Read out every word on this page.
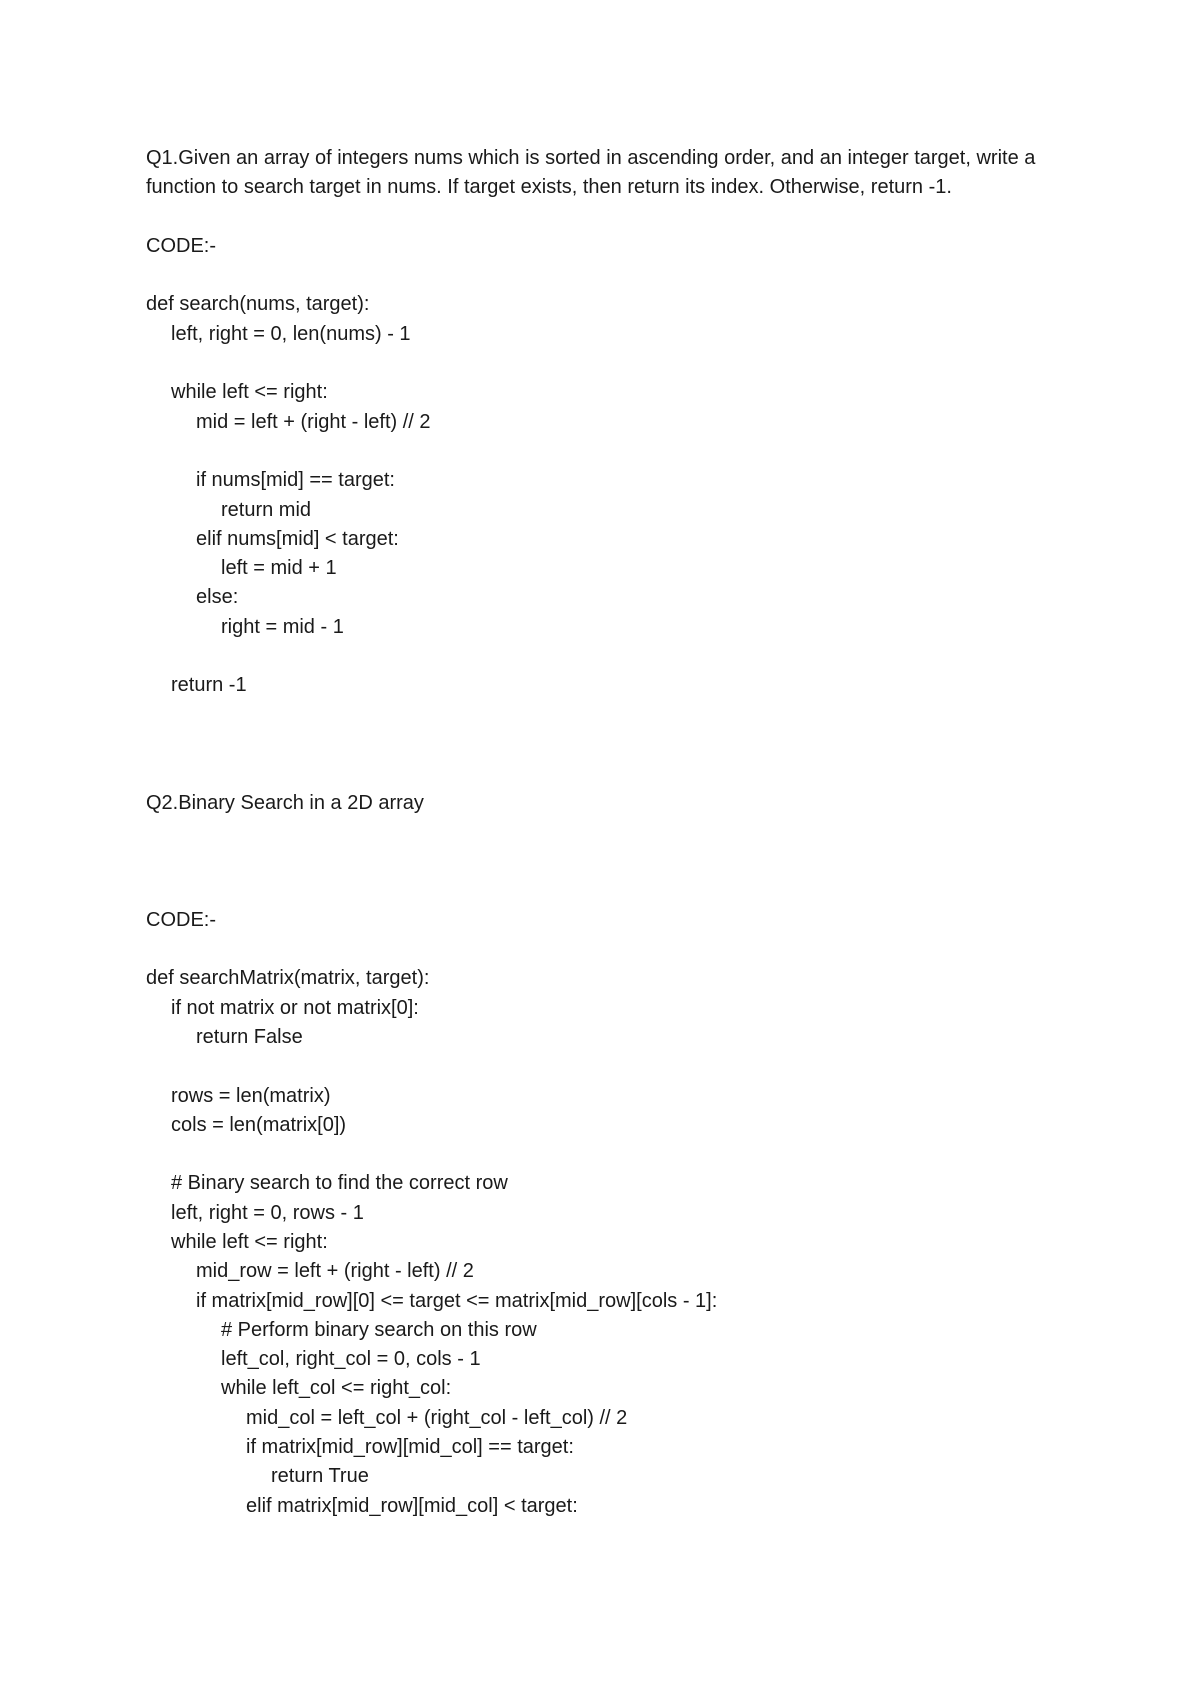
Q1.Given an array of integers nums which is sorted in ascending order, and an integer target, write a function to search target in nums. If target exists, then return its index. Otherwise, return -1.

CODE:-
def search(nums, target):
left, right = 0, len(nums) - 1
while left <= right:
mid = left + (right - left) // 2
if nums[mid] == target:
return mid
elif nums[mid] < target:
left = mid + 1
else:
right = mid - 1
return -1
Q2.Binary Search in a 2D array
CODE:-
def searchMatrix(matrix, target):
if not matrix or not matrix[0]:
return False
rows = len(matrix)
cols = len(matrix[0])
# Binary search to find the correct row
left, right = 0, rows - 1
while left <= right:
mid_row = left + (right - left) // 2
if matrix[mid_row][0] <= target <= matrix[mid_row][cols - 1]:
# Perform binary search on this row
left_col, right_col = 0, cols - 1
while left_col <= right_col:
mid_col = left_col + (right_col - left_col) // 2
if matrix[mid_row][mid_col] == target:
return True
elif matrix[mid_row][mid_col] < target:
